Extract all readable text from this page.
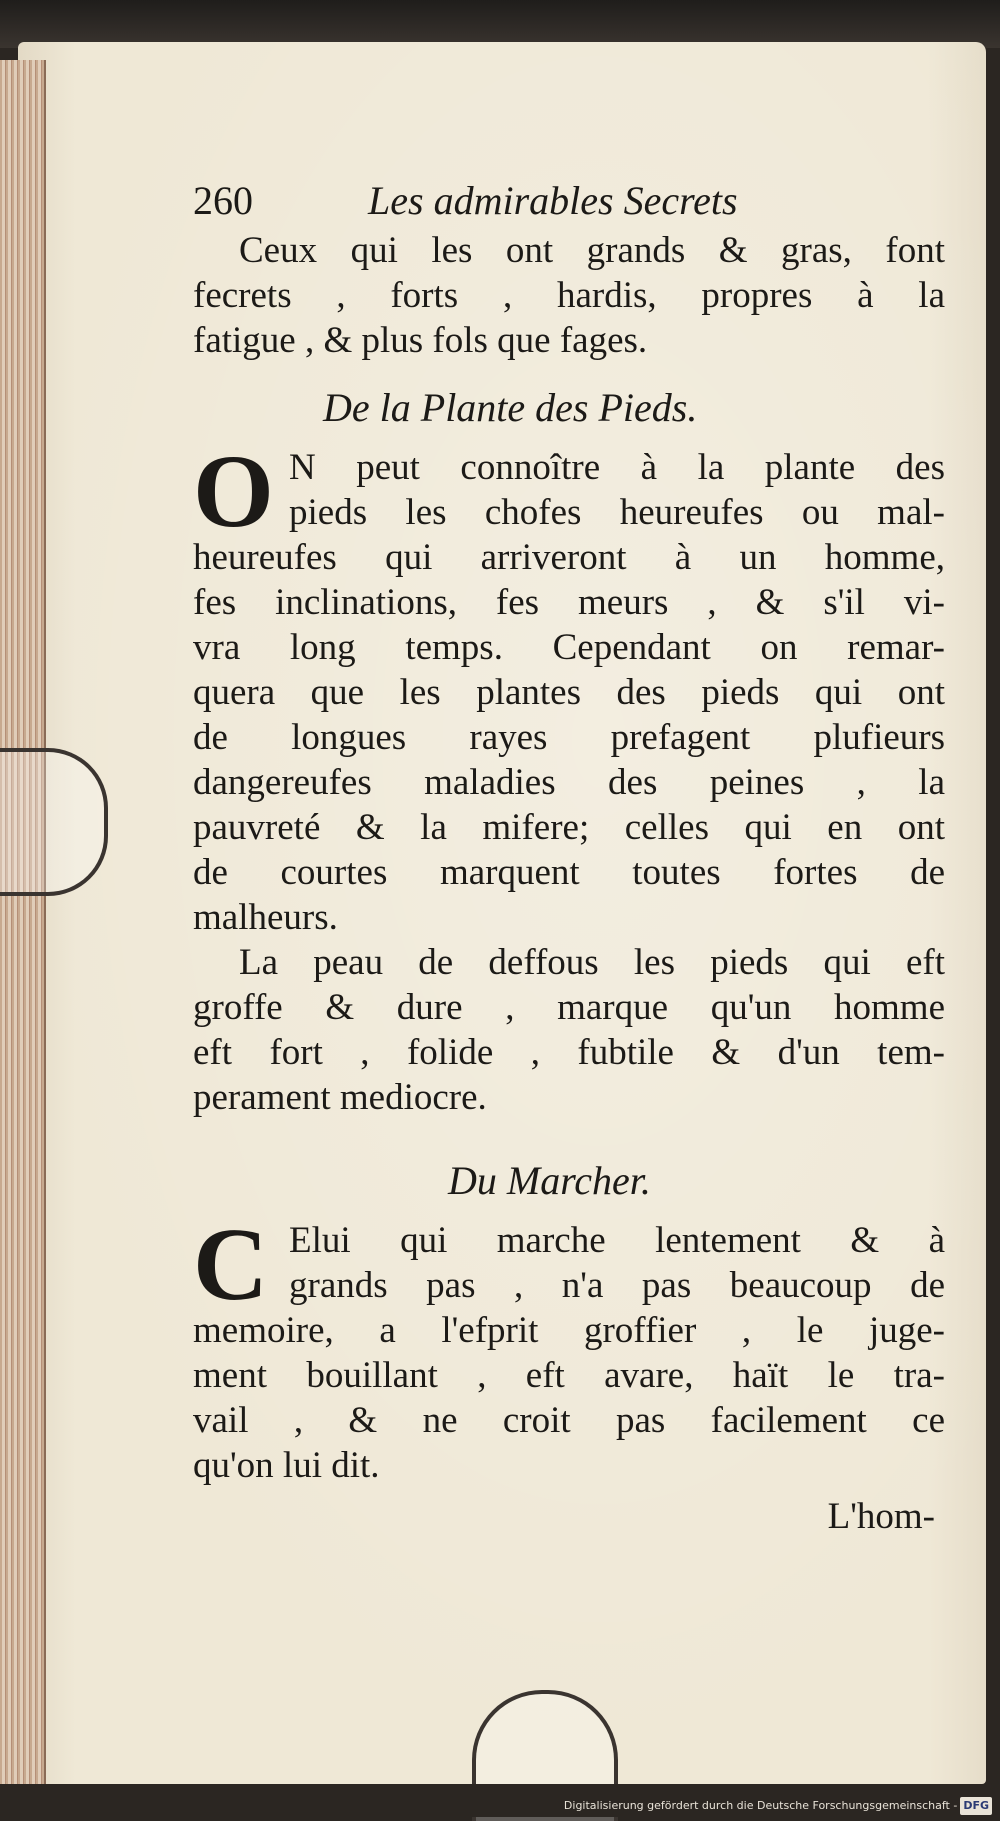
260	Les admirables Secrets
Ceux qui les ont grands & gras, font
fecrets , forts , hardis, propres à la
fatigue , & plus fols que fages.
De la Plante des Pieds.
O N peut connoître à la plante des
pieds les chofes heureufes ou mal-
heureufes qui arriveront à un homme,
fes inclinations, fes meurs , & s'il vi-
vra long temps. Cependant on remar-
quera que les plantes des pieds qui ont
de longues rayes prefagent plufieurs
dangereufes maladies des peines , la
pauvreté & la mifere; celles qui en ont
de courtes marquent toutes fortes de
malheurs.
La peau de deffous les pieds qui eft
groffe & dure , marque qu'un homme
eft fort , folide , fubtile & d'un tem-
perament mediocre.
Du Marcher.
C Elui qui marche lentement & à
grands pas , n'a pas beaucoup de
memoire, a l'efprit groffier , le juge-
ment bouillant , eft avare, haït le tra-
vail , & ne croit pas facilement ce
qu'on lui dit.
L'hom-
Digitalisierung gefördert durch die Deutsche Forschungsgemeinschaft - DFG
